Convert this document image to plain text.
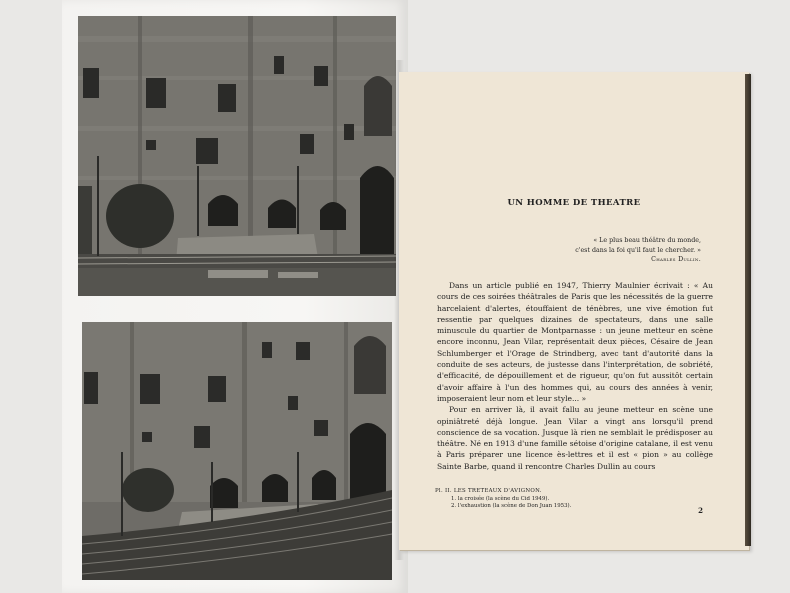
UN HOMME DE THEATRE
« Le plus beau théâtre du monde,
c'est dans la foi qu'il faut le chercher. »
Charles Dullin.

Dans un article publié en 1947, Thierry Maulnier écrivait : « Au cours de ces soirées théâtrales de Paris que les nécessités de la guerre harcelaient d'alertes, étouffaient de ténèbres, une vive émotion fut ressentie par quelques dizaines de spectateurs, dans une salle minuscule du quartier de Montparnasse : un jeune metteur en scène encore inconnu, Jean Vilar, représentait deux pièces, Césaire de Jean Schlumberger et l'Orage de Strindberg, avec tant d'autorité dans la conduite de ses acteurs, de justesse dans l'interprétation, de sobriété, d'efficacité, de dépouillement et de rigueur, qu'on fut aussitôt certain d'avoir affaire à l'un des hommes qui, au cours des années à venir, imposeraient leur nom et leur style... »

Pour en arriver là, il avait fallu au jeune metteur en scène une opiniâtreté déjà longue. Jean Vilar a vingt ans lorsqu'il prend conscience de sa vocation. Jusque là rien ne semblait le prédisposer au théâtre. Né en 1913 d'une famille sétoise d'origine catalane, il est venu à Paris préparer une licence ès-lettres et il est « pion » au collège Sainte Barbe, quand il rencontre Charles Dullin au cours

Pl. II. LES TRETEAUX D'AVIGNON.
1. la croisée (la scène du Cid 1949).
2. l'exhaustion (la scène de Don Juan 1953).	2
